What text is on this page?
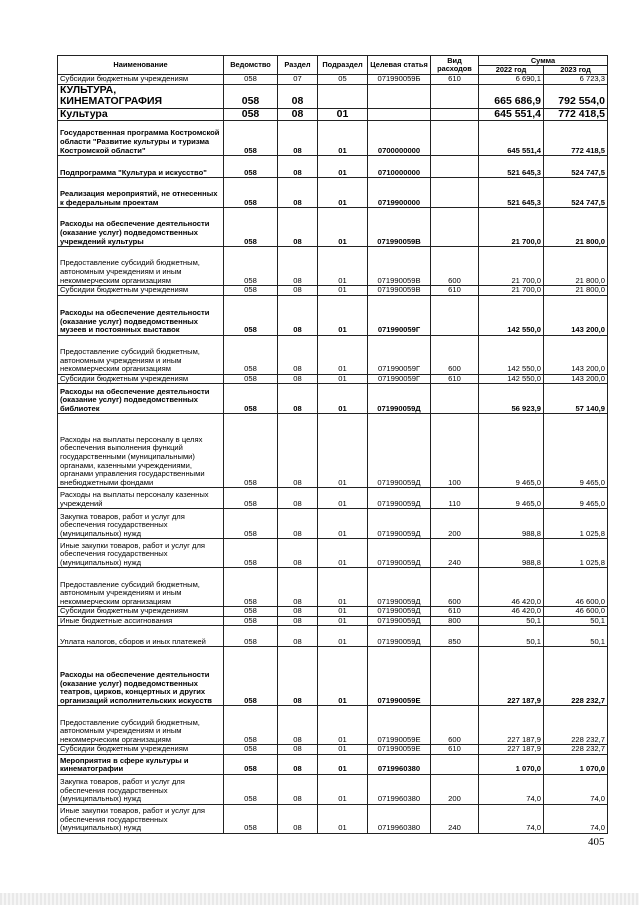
Наименование	Ведомство	Раздел	Подраздел	Целевая статья	Вид расходов	Сумма	
						2022 год	2023 год
Субсидии бюджетным учреждениям	058	07	05	071990059Б	610	6 690,1	6 723,3
КУЛЬТУРА, КИНЕМАТОГРАФИЯ	058	08				665 686,9	792 554,0
Культура	058	08	01			645 551,4	772 418,5
Государственная программа Костромской области "Развитие культуры и туризма Костромской области"	058	08	01	0700000000		645 551,4	772 418,5
Подпрограмма "Культура и искусство"	058	08	01	0710000000		521 645,3	524 747,5
Реализация мероприятий, не отнесенных к федеральным проектам	058	08	01	0719900000		521 645,3	524 747,5
Расходы на обеспечение деятельности (оказание услуг) подведомственных учреждений культуры	058	08	01	071990059В		21 700,0	21 800,0
Предоставление субсидий бюджетным, автономным учреждениям и иным некоммерческим организациям	058	08	01	071990059В	600	21 700,0	21 800,0
Субсидии бюджетным учреждениям	058	08	01	071990059В	610	21 700,0	21 800,0
Расходы на обеспечение деятельности (оказание услуг) подведомственных музеев и постоянных выставок	058	08	01	071990059Г		142 550,0	143 200,0
Предоставление субсидий бюджетным, автономным учреждениям и иным некоммерческим организациям	058	08	01	071990059Г	600	142 550,0	143 200,0
Субсидии бюджетным учреждениям	058	08	01	071990059Г	610	142 550,0	143 200,0
Расходы на обеспечение деятельности (оказание услуг) подведомственных библиотек	058	08	01	071990059Д		56 923,9	57 140,9
Расходы на выплаты персоналу в целях обеспечения выполнения функций государственными (муниципальными) органами, казенными учреждениями, органами управления государственными внебюджетными фондами	058	08	01	071990059Д	100	9 465,0	9 465,0
Расходы на выплаты персоналу казенных учреждений	058	08	01	071990059Д	110	9 465,0	9 465,0
Закупка товаров, работ и услуг для обеспечения государственных (муниципальных) нужд	058	08	01	071990059Д	200	988,8	1 025,8
Иные закупки товаров, работ и услуг для обеспечения государственных (муниципальных) нужд	058	08	01	071990059Д	240	988,8	1 025,8
Предоставление субсидий бюджетным, автономным учреждениям и иным некоммерческим организациям	058	08	01	071990059Д	600	46 420,0	46 600,0
Субсидии бюджетным учреждениям	058	08	01	071990059Д	610	46 420,0	46 600,0
Иные бюджетные ассигнования	058	08	01	071990059Д	800	50,1	50,1
Уплата налогов, сборов и иных платежей	058	08	01	071990059Д	850	50,1	50,1
Расходы на обеспечение деятельности (оказание услуг) подведомственных театров, цирков, концертных и других организаций исполнительских искусств	058	08	01	071990059Е		227 187,9	228 232,7
Предоставление субсидий бюджетным, автономным учреждениям и иным некоммерческим организациям	058	08	01	071990059Е	600	227 187,9	228 232,7
Субсидии бюджетным учреждениям	058	08	01	071990059Е	610	227 187,9	228 232,7
Мероприятия в сфере культуры и кинематографии	058	08	01	0719960380		1 070,0	1 070,0
Закупка товаров, работ и услуг для обеспечения государственных (муниципальных) нужд	058	08	01	0719960380	200	74,0	74,0
Иные закупки товаров, работ и услуг для обеспечения государственных (муниципальных) нужд	058	08	01	0719960380	240	74,0	74,0
405
